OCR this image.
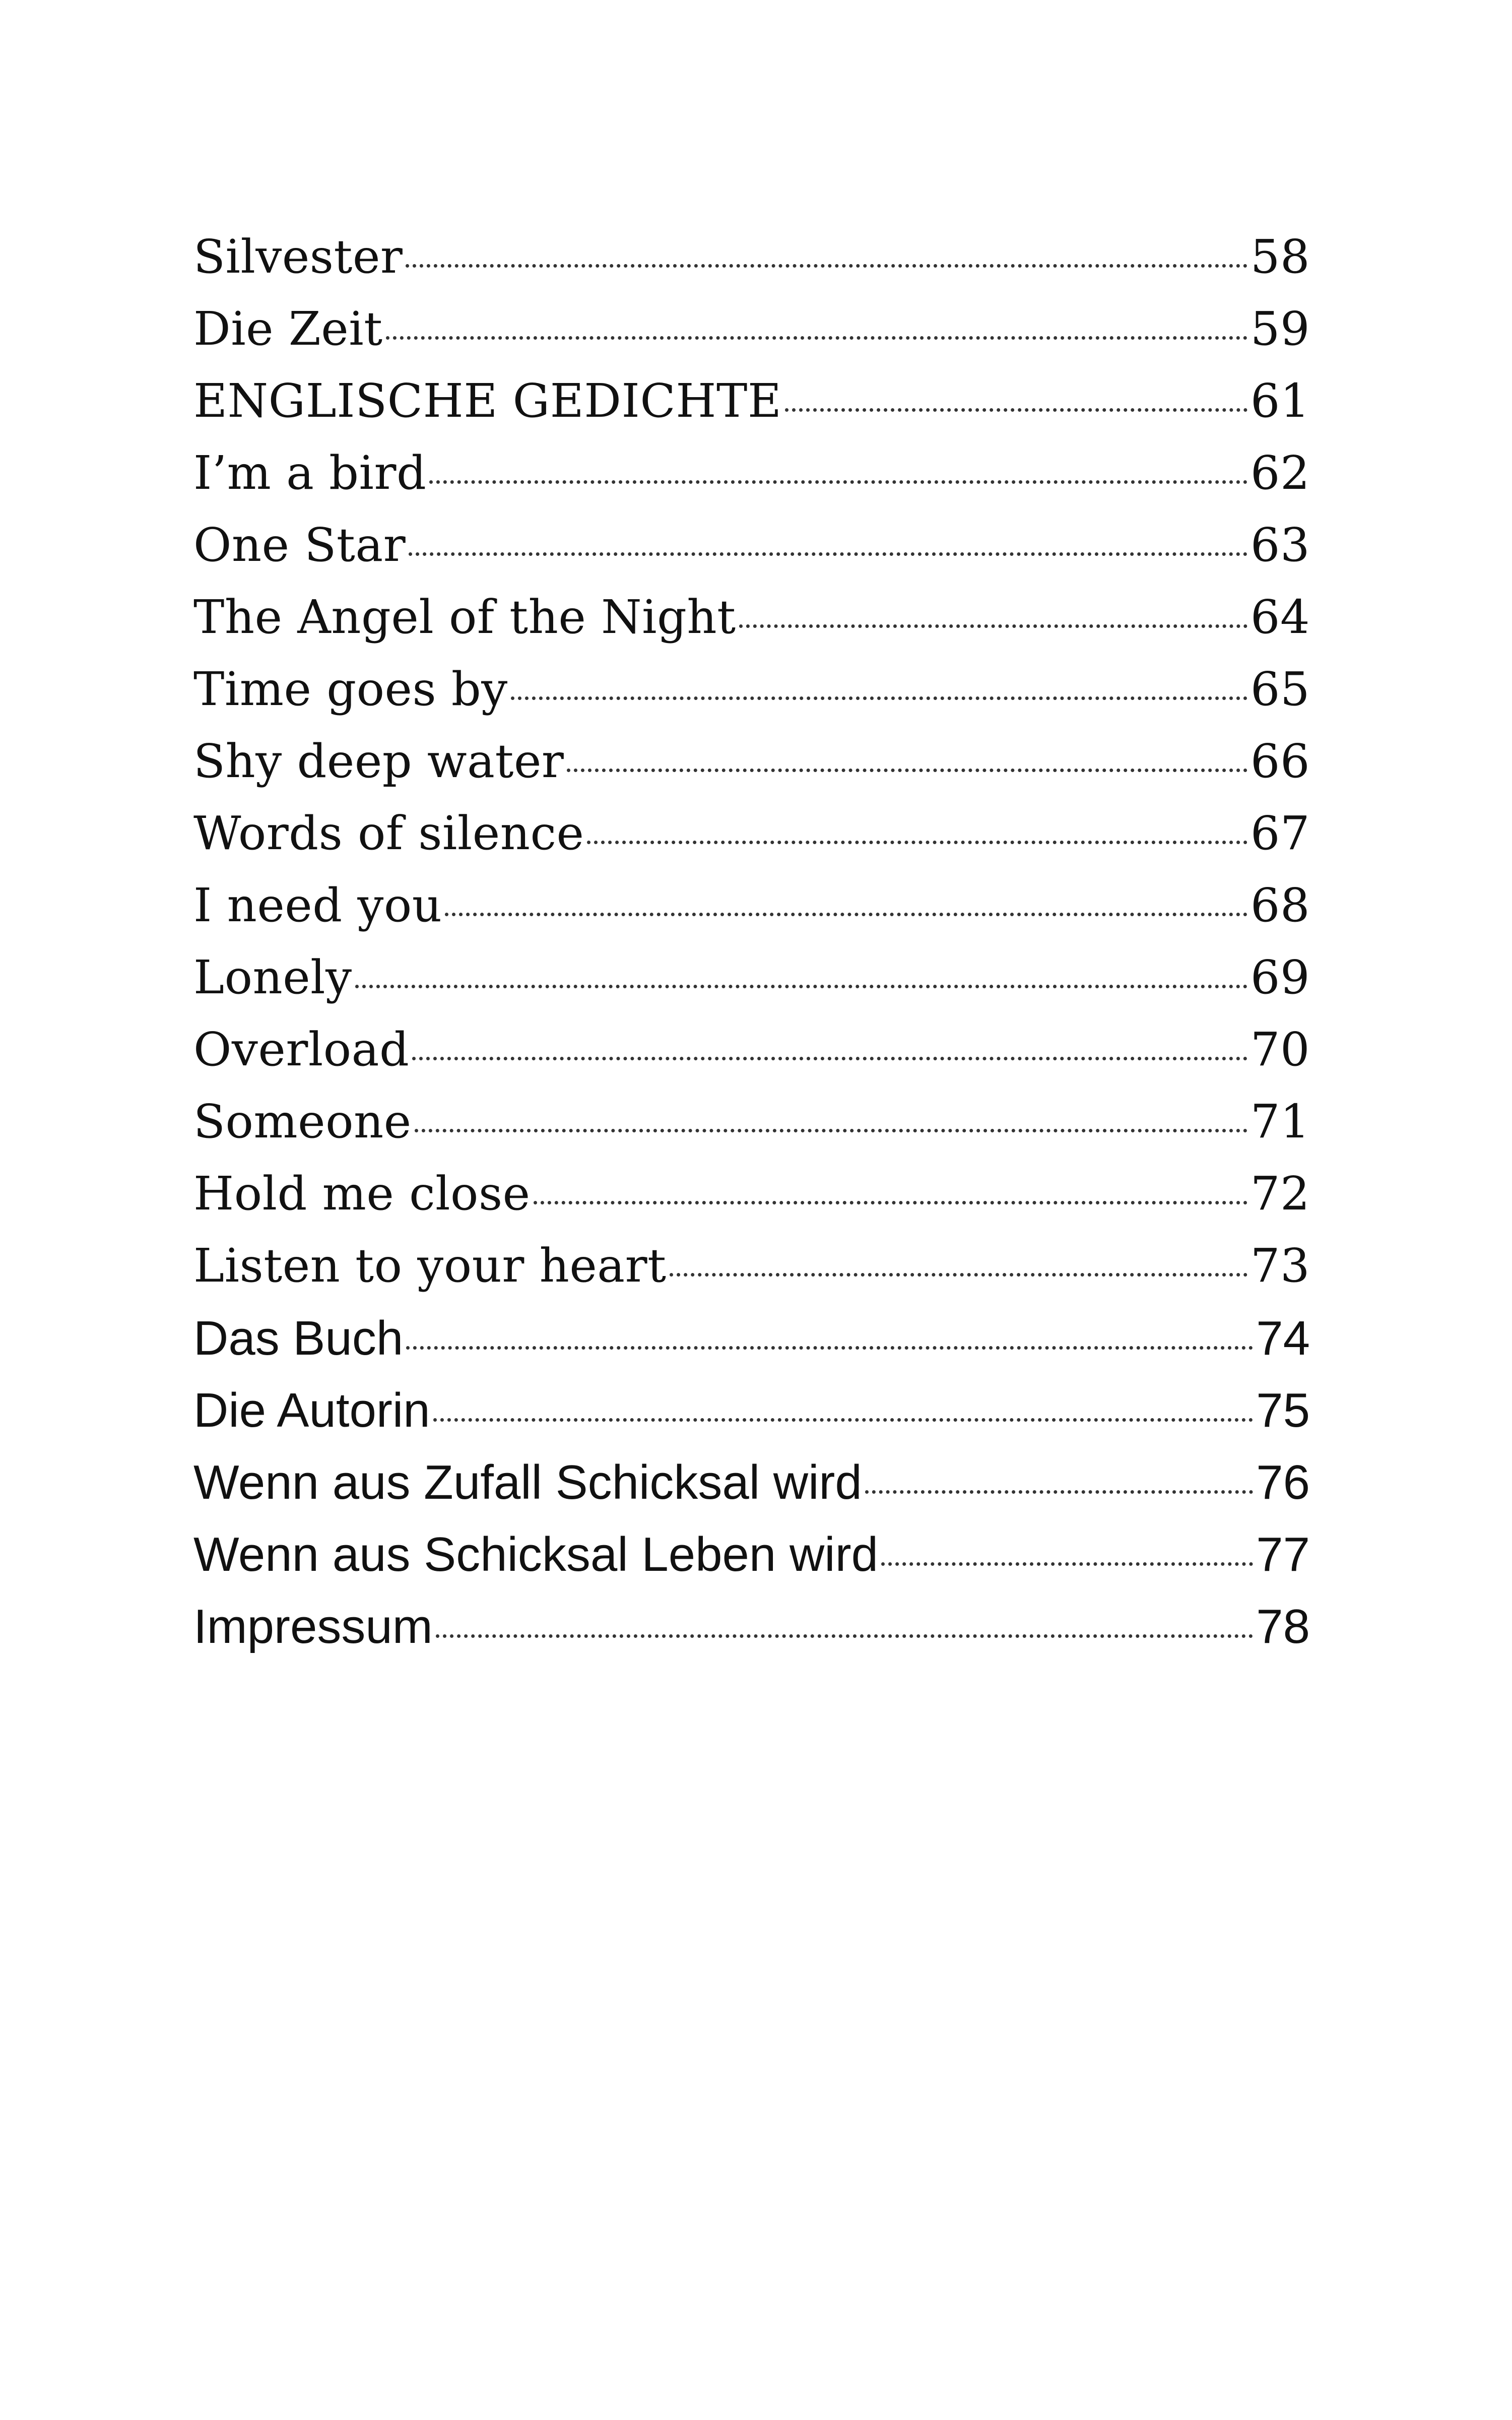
Silvester	58
Die Zeit	59
ENGLISCHE GEDICHTE	61
I’m a bird	62
One Star	63
The Angel of the Night	64
Time goes by	65
Shy deep water	66
Words of silence	67
I need you	68
Lonely	69
Overload	70
Someone	71
Hold me close	72
Listen to your heart	73
Das Buch	74
Die Autorin	75
Wenn aus Zufall Schicksal wird	76
Wenn aus Schicksal Leben wird	77
Impressum	78
